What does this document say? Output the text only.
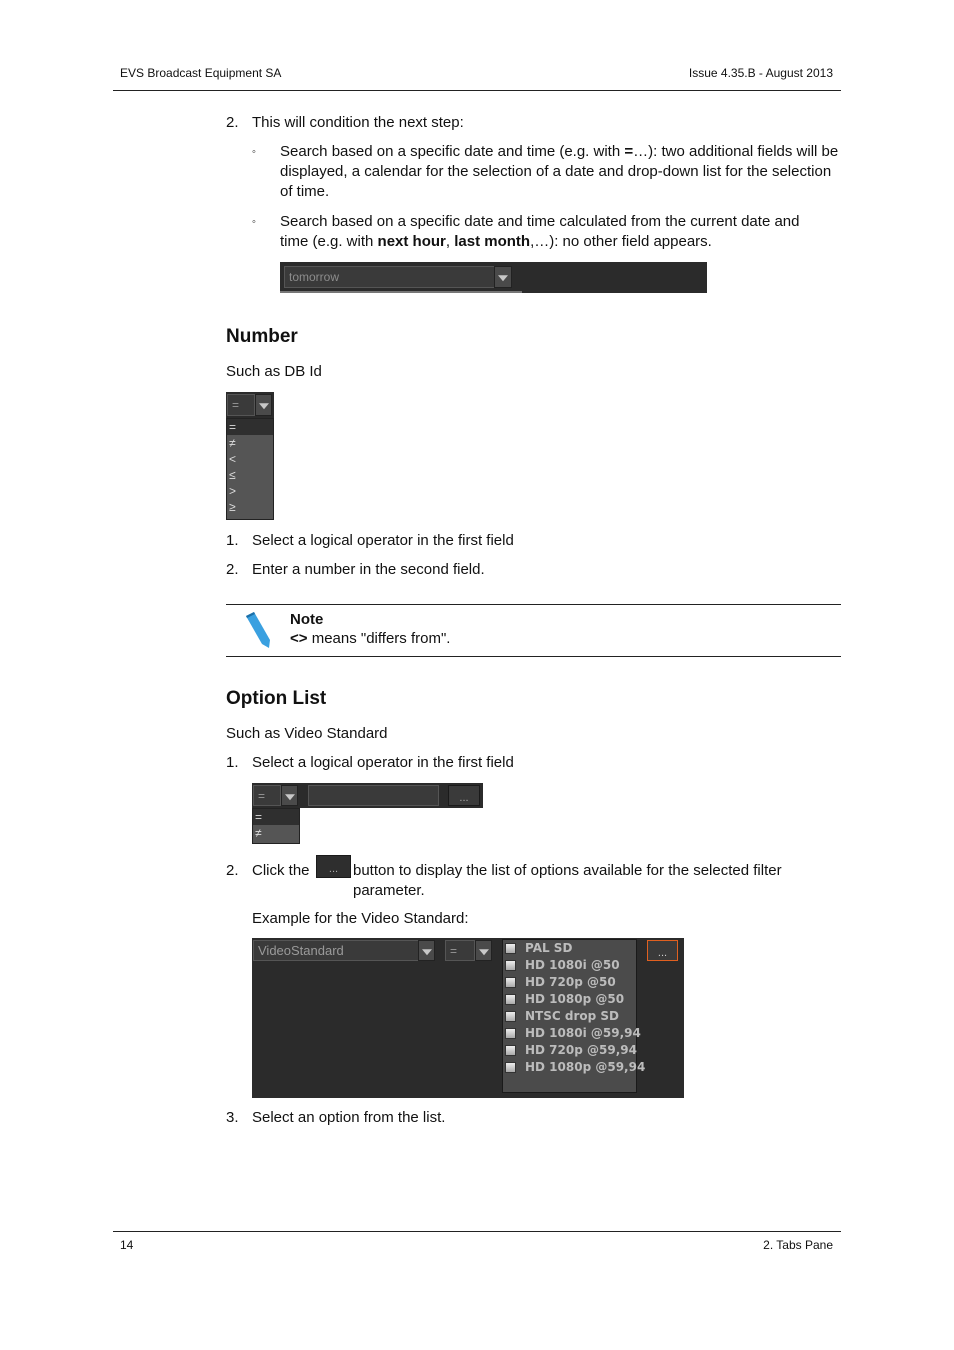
EVS Broadcast Equipment SA	Issue 4.35.B - August 2013
2. This will condition the next step:
◦ Search based on a specific date and time (e.g. with =…): two additional fields will be displayed, a calendar for the selection of a date and drop-down list for the selection of time.
◦ Search based on a specific date and time calculated from the current date and time (e.g. with next hour, last month,…): no other field appears.
tomorrow
Number
Such as DB Id
=
=
≠
<
≤
>
≥
1. Select a logical operator in the first field
2. Enter a number in the second field.
Note
<> means "differs from".
Option List
Such as Video Standard
1. Select a logical operator in the first field
=	...
=
≠
2. Click the	... button to display the list of options available for the selected filter parameter.
Example for the Video Standard:
VideoStandard	=	PAL SD
HD 1080i @50
HD 720p @50
HD 1080p @50
NTSC drop SD
HD 1080i @59,94
HD 720p @59,94
HD 1080p @59,94
...
3. Select an option from the list.
14	2. Tabs Pane
